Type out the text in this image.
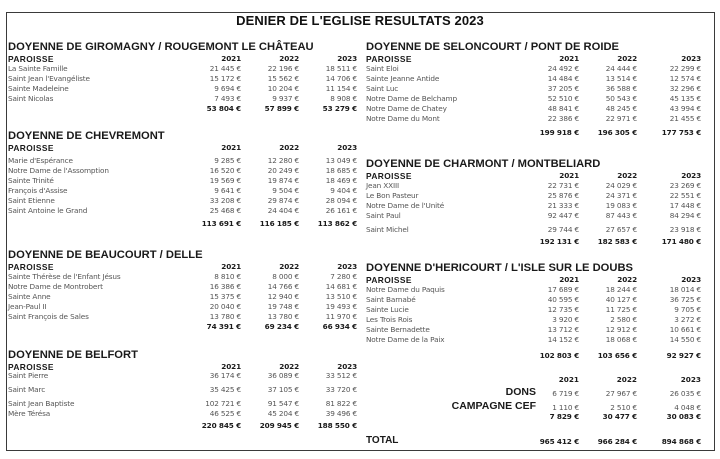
DENIER DE L'EGLISE RESULTATS 2023
DOYENNE DE GIROMAGNY / ROUGEMONT LE CHÂTEAU
PAROISSE	2021	2022	2023
La Sainte Famille	21 445 €	22 196 €	18 511 €
Saint Jean l'Evangéliste	15 172 €	15 562 €	14 706 €
Sainte Madeleine	9 694 €	10 204 €	11 154 €
Saint Nicolas	7 493 €	9 937 €	8 908 €
53 804 €	57 899 €	53 279 €
DOYENNE DE CHEVREMONT
PAROISSE	2021	2022	2023
Marie d'Espérance	9 285 €	12 280 €	13 049 €
Notre Dame de l'Assomption	16 520 €	20 249 €	18 685 €
Sainte Trinité	19 569 €	19 874 €	18 469 €
François d'Assise	9 641 €	9 504 €	9 404 €
Saint Etienne	33 208 €	29 874 €	28 094 €
Saint Antoine le Grand	25 468 €	24 404 €	26 161 €
113 691 €	116 185 €	113 862 €
DOYENNE DE BEAUCOURT / DELLE
PAROISSE	2021	2022	2023
Sainte Thérèse de l'Enfant Jésus	8 810 €	8 000 €	7 280 €
Notre Dame de Montrobert	16 386 €	14 766 €	14 681 €
Sainte Anne	15 375 €	12 940 €	13 510 €
Jean-Paul II	20 040 €	19 748 €	19 493 €
Saint François de Sales	13 780 €	13 780 €	11 970 €
74 391 €	69 234 €	66 934 €
DOYENNE DE BELFORT
PAROISSE	2021	2022	2023
Saint Pierre	36 174 €	36 089 €	33 512 €
Saint Marc	35 425 €	37 105 €	33 720 €
Saint Jean Baptiste	102 721 €	91 547 €	81 822 €
Mère Térésa	46 525 €	45 204 €	39 496 €
220 845 €	209 945 €	188 550 €
DOYENNE DE SELONCOURT / PONT DE ROIDE
PAROISSE	2021	2022	2023
Saint Eloi	24 492 €	24 444 €	22 299 €
Sainte Jeanne Antide	14 484 €	13 514 €	12 574 €
Saint Luc	37 205 €	36 588 €	32 296 €
Notre Dame de Belchamp	52 510 €	50 543 €	45 135 €
Notre Dame de Chatey	48 841 €	48 245 €	43 994 €
Notre Dame du Mont	22 386 €	22 971 €	21 455 €
199 918 €	196 305 €	177 753 €
DOYENNE DE CHARMONT / MONTBELIARD
PAROISSE	2021	2022	2023
Jean XXIII	22 731 €	24 029 €	23 269 €
Le Bon Pasteur	25 876 €	24 371 €	22 551 €
Notre Dame de l'Unité	21 333 €	19 083 €	17 448 €
Saint Paul	92 447 €	87 443 €	84 294 €
Saint Michel	29 744 €	27 657 €	23 918 €
192 131 €	182 583 €	171 480 €
DOYENNE D'HERICOURT / L'ISLE SUR LE DOUBS
PAROISSE	2021	2022	2023
Notre Dame du Paquis	17 689 €	18 244 €	18 014 €
Saint Barnabé	40 595 €	40 127 €	36 725 €
Sainte Lucie	12 735 €	11 725 €	9 705 €
Les Trois Rois	3 920 €	2 580 €	3 272 €
Sainte Bernadette	13 712 €	12 912 €	10 661 €
Notre Dame de la Paix	14 152 €	18 068 €	14 550 €
102 803 €	103 656 €	92 927 €
2021	2022	2023
DONS	6 719 €	27 967 €	26 035 €
CAMPAGNE CEF	1 110 €	2 510 €	4 048 €
7 829 €	30 477 €	30 083 €
TOTAL	965 412 €	966 284 €	894 868 €
